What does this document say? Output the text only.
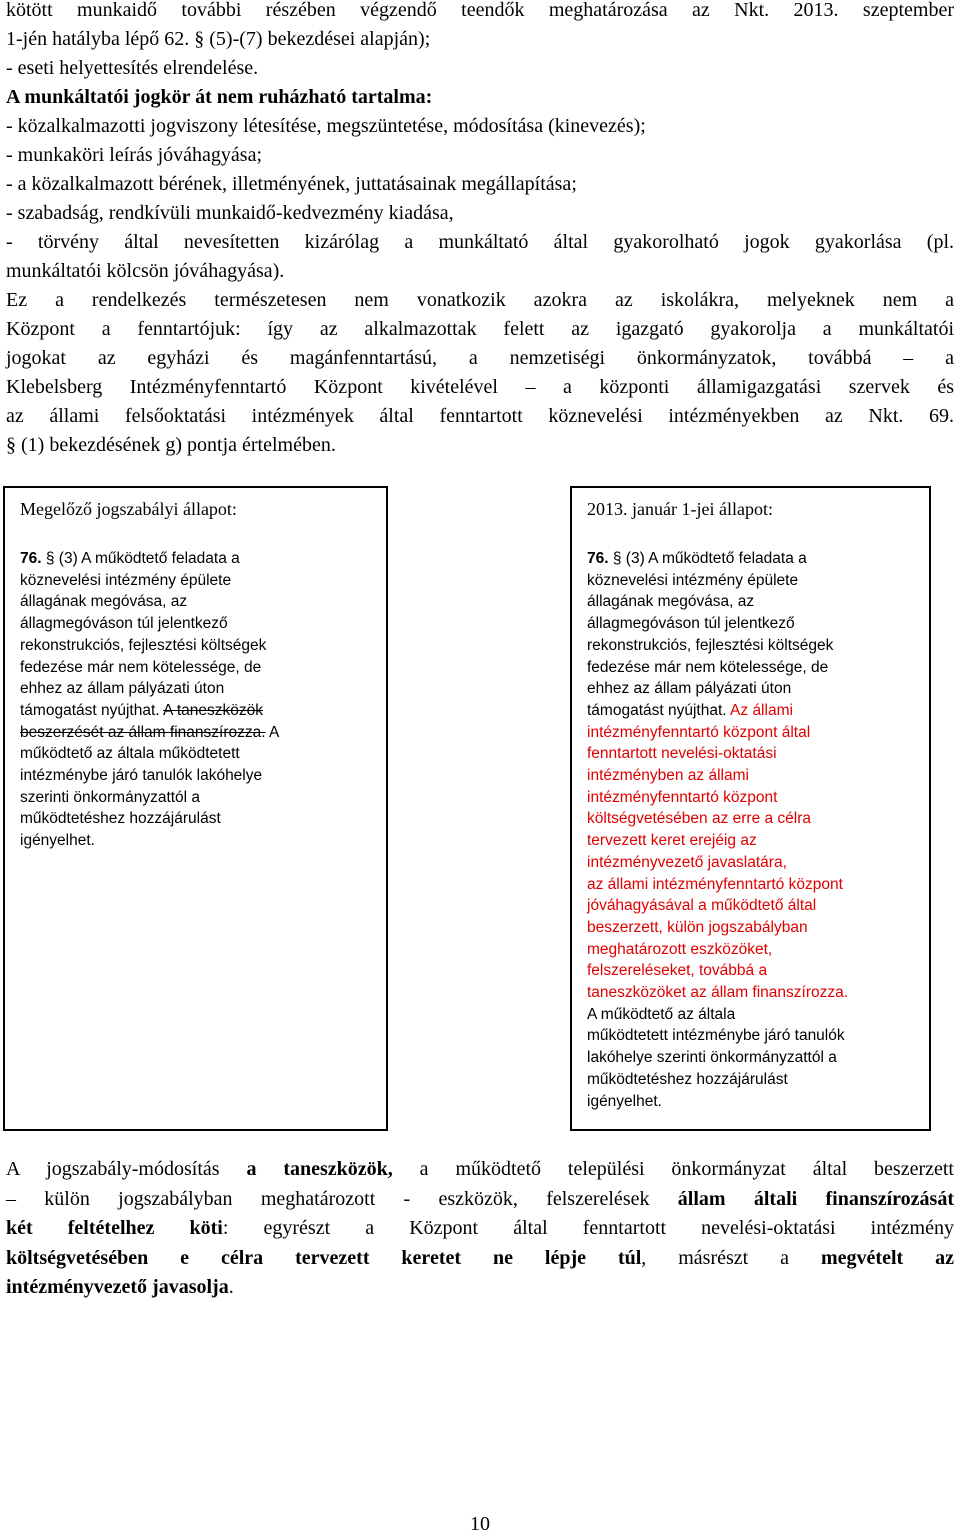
kötött munkaidő további részében végzendő teendők meghatározása az Nkt. 2013. szeptember
1-jén hatályba lépő 62. § (5)-(7) bekezdései alapján);
- eseti helyettesítés elrendelése.
A munkáltatói jogkör át nem ruházható tartalma:
- közalkalmazotti jogviszony létesítése, megszüntetése, módosítása (kinevezés);
- munkaköri leírás jóváhagyása;
- a közalkalmazott bérének, illetményének, juttatásainak megállapítása;
- szabadság, rendkívüli munkaidő-kedvezmény kiadása,
- törvény által nevesítetten kizárólag a munkáltató által gyakorolható jogok gyakorlása (pl.
munkáltatói kölcsön jóváhagyása).
Ez a rendelkezés természetesen nem vonatkozik azokra az iskolákra, melyeknek nem a
Központ a fenntartójuk: így az alkalmazottak felett az igazgató gyakorolja a munkáltatói
jogokat az egyházi és magánfenntartású, a nemzetiségi önkormányzatok, továbbá – a
Klebelsberg Intézményfenntartó Központ kivételével – a központi államigazgatási szervek és
az állami felsőoktatási intézmények által fenntartott köznevelési intézményekben az Nkt. 69.
§ (1) bekezdésének g) pontja értelmében.
Megelőző jogszabályi állapot:
76. § (3) A működtető feladata a
köznevelési intézmény épülete
állagának megóvása, az
állagmegóváson túl jelentkező
rekonstrukciós, fejlesztési költségek
fedezése már nem kötelessége, de
ehhez az állam pályázati úton
támogatást nyújthat. A taneszközök
beszerzését az állam finanszírozza. A
működtető az általa működtetett
intézménybe járó tanulók lakóhelye
szerinti önkormányzattól a
működtetéshez hozzájárulást
igényelhet.
2013. január 1-jei állapot:
76. § (3) A működtető feladata a
köznevelési intézmény épülete
állagának megóvása, az
állagmegóváson túl jelentkező
rekonstrukciós, fejlesztési költségek
fedezése már nem kötelessége, de
ehhez az állam pályázati úton
támogatást nyújthat. Az állami
intézményfenntartó központ által
fenntartott nevelési-oktatási
intézményben az állami
intézményfenntartó központ
költségvetésében az erre a célra
tervezett keret erejéig az
intézményvezető javaslatára,
az állami intézményfenntartó központ
jóváhagyásával a működtető által
beszerzett, külön jogszabályban
meghatározott eszközöket,
felszereléseket, továbbá a
taneszközöket az állam finanszírozza.
A működtető az általa
működtetett intézménybe járó tanulók
lakóhelye szerinti önkormányzattól a
működtetéshez hozzájárulást
igényelhet.
A jogszabály-módosítás a taneszközök, a működtető települési önkormányzat által beszerzett
– külön jogszabályban meghatározott - eszközök, felszerelések állam általi finanszírozását
két feltételhez köti: egyrészt a Központ által fenntartott nevelési-oktatási intézmény
költségvetésében e célra tervezett keretet ne lépje túl, másrészt a megvételt az
intézményvezető javasolja.
10
